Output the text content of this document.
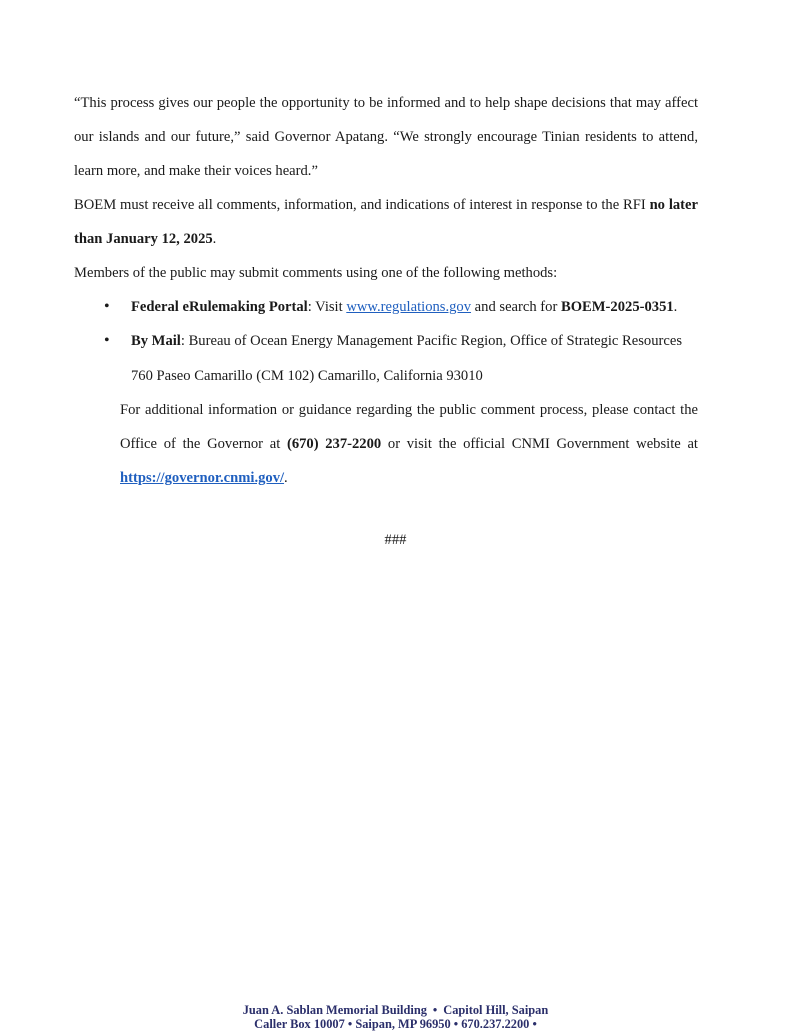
“This process gives our people the opportunity to be informed and to help shape decisions that may affect our islands and our future,” said Governor Apatang. “We strongly encourage Tinian residents to attend, learn more, and make their voices heard.”

BOEM must receive all comments, information, and indications of interest in response to the RFI no later than January 12, 2025.

Members of the public may submit comments using one of the following methods:
• Federal eRulemaking Portal: Visit www.regulations.gov and search for BOEM-2025-0351.
• By Mail: Bureau of Ocean Energy Management Pacific Region, Office of Strategic Resources
760 Paseo Camarillo (CM 102) Camarillo, California 93010

For additional information or guidance regarding the public comment process, please contact the Office of the Governor at (670) 237-2200 or visit the official CNMI Government website at https://governor.cnmi.gov/.

###
Juan A. Sablan Memorial Building • Capitol Hill, Saipan
Caller Box 10007 • Saipan, MP 96950 • 670.237.2200 •
